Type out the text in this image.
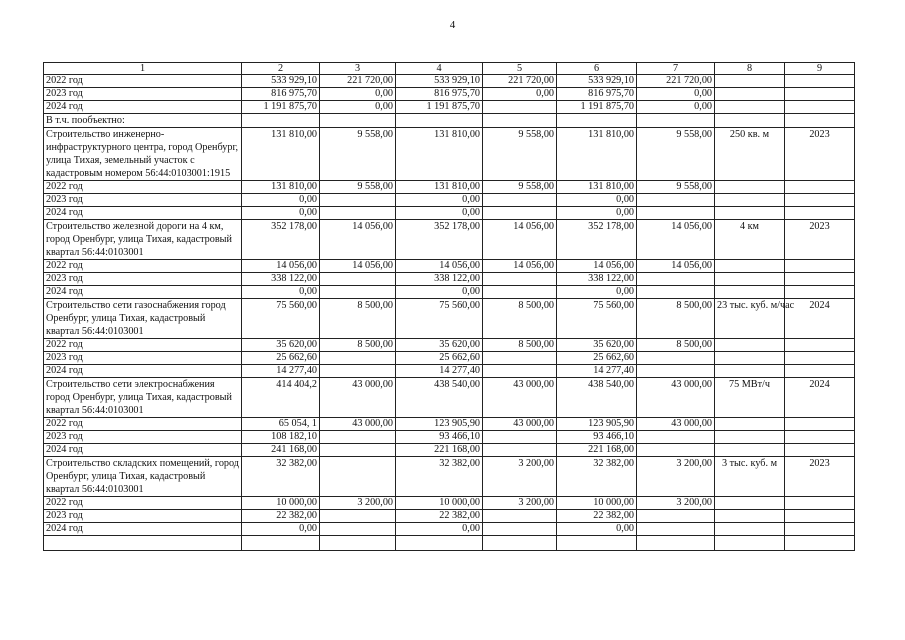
4
1	2	3	4	5	6	7	8	9
2022 год	533 929,10	221 720,00	533 929,10	221 720,00	533 929,10	221 720,00		
2023 год	816 975,70	0,00	816 975,70	0,00	816 975,70	0,00		
2024 год	1 191 875,70	0,00	1 191 875,70		1 191 875,70	0,00		
В т.ч. пообъектно:								
Строительство инженерно-инфраструктурного центра, город Оренбург, улица Тихая, земельный участок с кадастровым номером 56:44:0103001:1915	131 810,00	9 558,00	131 810,00	9 558,00	131 810,00	9 558,00	250 кв. м	2023
2022 год	131 810,00	9 558,00	131 810,00	9 558,00	131 810,00	9 558,00		
2023 год	0,00		0,00		0,00			
2024 год	0,00		0,00		0,00			
Строительство железной дороги на 4 км, город Оренбург, улица Тихая, кадастровый квартал 56:44:0103001	352 178,00	14 056,00	352 178,00	14 056,00	352 178,00	14 056,00	4 км	2023
2022 год	14 056,00	14 056,00	14 056,00	14 056,00	14 056,00	14 056,00		
2023 год	338 122,00		338 122,00		338 122,00			
2024 год	0,00		0,00		0,00			
Строительство сети газоснабжения город Оренбург, улица Тихая, кадастровый квартал 56:44:0103001	75 560,00	8 500,00	75 560,00	8 500,00	75 560,00	8 500,00	23 тыс. куб. м/час	2024
2022 год	35 620,00	8 500,00	35 620,00	8 500,00	35 620,00	8 500,00		
2023 год	25 662,60		25 662,60		25 662,60			
2024 год	14 277,40		14 277,40		14 277,40			
Строительство сети электроснабжения город Оренбург, улица Тихая, кадастровый квартал 56:44:0103001	414 404,2	43 000,00	438 540,00	43 000,00	438 540,00	43 000,00	75 МВт/ч	2024
2022 год	65 054, 1	43 000,00	123 905,90	43 000,00	123 905,90	43 000,00		
2023 год	108 182,10		93 466,10		93 466,10			
2024 год	241 168,00		221 168,00		221 168,00			
Строительство складских помещений, город Оренбург, улица Тихая, кадастровый квартал 56:44:0103001	32 382,00		32 382,00	3 200,00	32 382,00	3 200,00	3 тыс. куб. м	2023
2022 год	10 000,00	3 200,00	10 000,00	3 200,00	10 000,00	3 200,00		
2023 год	22 382,00		22 382,00		22 382,00			
2024 год	0,00		0,00		0,00			
